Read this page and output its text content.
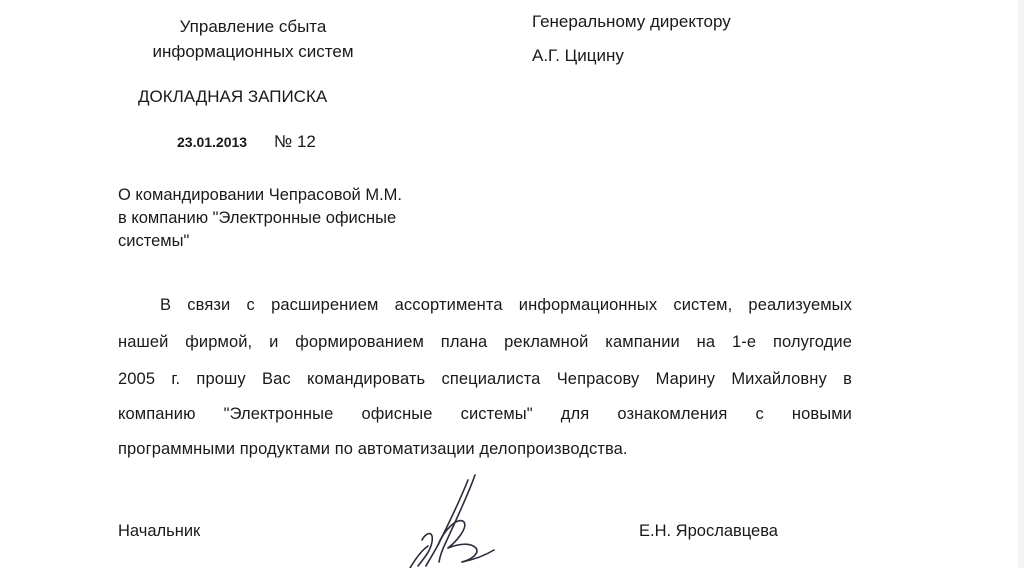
Управление сбыта
информационных систем
Генеральному директору
А.Г. Цицину
ДОКЛАДНАЯ ЗАПИСКА
23.01.2013 № 12
О командировании Чепрасовой М.М.
в компанию "Электронные офисные
системы"
В связи с расширением ассортимента информационных систем, реализуемых
нашей фирмой, и формированием плана рекламной кампании на 1-е полугодие
2005 г. прошу Вас командировать специалиста Чепрасову Марину Михайловну в
компанию "Электронные офисные системы" для ознакомления с новыми
программными продуктами по автоматизации делопроизводства.
Начальник	Е.Н. Ярославцева
